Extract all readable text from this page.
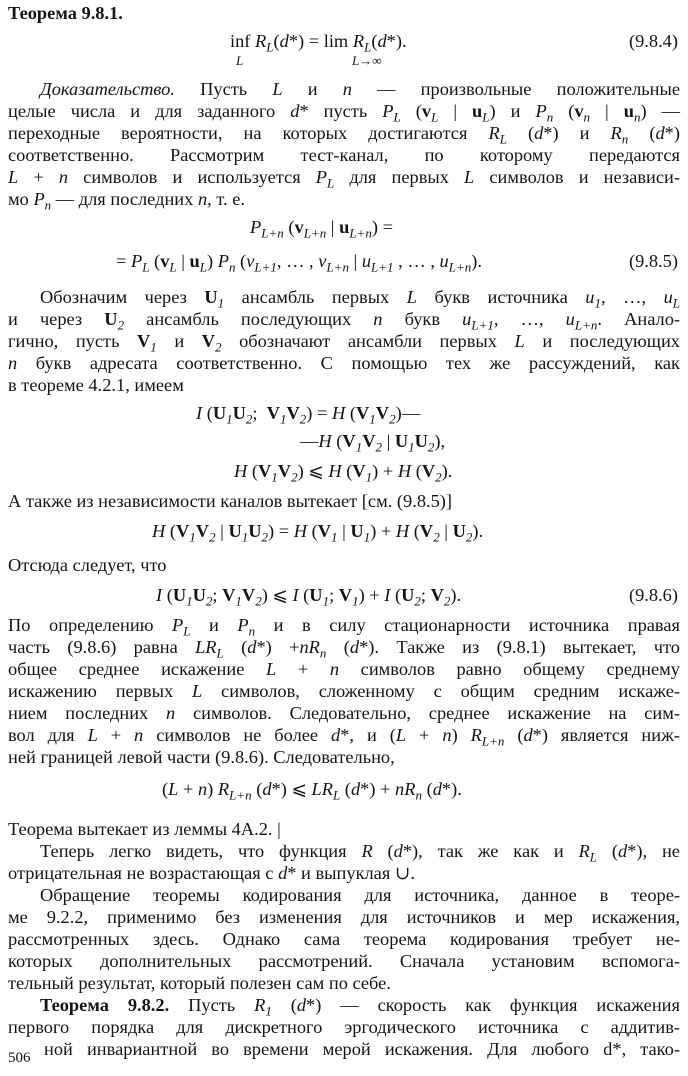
Теорема 9.8.1.
inf $R_L(d*) = \lim R_L(d*)$.
L	L→∞
(9.8.4)
Доказательство. Пусть L и n — произвольные положительные
целые числа и для заданного d* пусть $P_L$ ($v_L$ | $u_L$) и $P_n$ ($v_n$ | $u_n$) —
переходные вероятности, на которых достигаются $R_L$ (d*) и $R_n$ (d*)
соответственно. Рассмотрим тест-канал, по которому передаются
L + n символов и используется $P_L$ для первых L символов и независи-
мо $P_n$ — для последних n, т. е.
$P_{L+n}$ ($v_{L+n}$ | $u_{L+n}$) =
= $P_L$ ($v_L$ | $u_L$) $P_n$ ($v_{L+1}$, … , $v_{L+n}$ | $u_{L+1}$ , … , $u_{L+n}$).	(9.8.5)
Обозначим через $U_1$ ансамбль первых L букв источника $u_1$, …, $u_L$
и через $U_2$ ансамбль последующих n букв $u_{L+1}$, …, $u_{L+n}$. Анало-
гично, пусть $V_1$ и $V_2$ обозначают ансамбли первых L и последующих
n букв адресата соответственно. С помощью тех же рассуждений, как
в теореме 4.2.1, имеем
I ($U_1U_2$;  $V_1V_2) = H$ $(V_1V_2)—$
—H ($V_1V_2$ | $U_1U_2$),
H $(V_1V_2)$ ⩽ H $(V_1) + H$ $(V_2)$.
А также из независимости каналов вытекает [см. (9.8.5)]
H ($V_1V_2$ | $U_1U_2) = H$ ($V_1$ | $U_1) + H$ ($V_2$ | $U_2$).
Отсюда следует, что
I ($U_1U_2$; $V_1V_2$) ⩽ I ($U_1$; $V_1) + I$ ($U_2$; $V_2$).	(9.8.6)
По определению $P_L$ и $P_n$ и в силу стационарности источника правая
часть (9.8.6) равна $LR_L$ $(d*) +nR_n$ (d*). Также из (9.8.1) вытекает, что
общее среднее искажение L + n символов равно общему среднему
искажению первых L символов, сложенному с общим средним искаже-
нием последних n символов. Следовательно, среднее искажение на сим-
вол для L + n символов не более d*, и (L + n) $R_{L+n}$ (d*) является ниж-
ней границей левой части (9.8.6). Следовательно,
(L + n) $R_{L+n}$ (d*) ⩽ $LR_L$ $(d*) + nR_n$ (d*).
Теорема вытекает из леммы 4А.2. |
Теперь легко видеть, что функция R (d*), так же как и $R_L$ (d*), не
отрицательная не возрастающая с d* и выпуклая ∪.
Обращение теоремы кодирования для источника, данное в теоре-
ме 9.2.2, применимо без изменения для источников и мер искажения,
рассмотренных здесь. Однако сама теорема кодирования требует не-
которых дополнительных рассмотрений. Сначала установим вспомога-
тельный результат, который полезен сам по себе.
Теорема 9.8.2. Пусть $R_1$ (d*) — скорость как функция искажения
первого порядка для дискретного эргодического источника с аддитив-
ной инвариантной во времени мерой искажения. Для любого d*, тако-
506
